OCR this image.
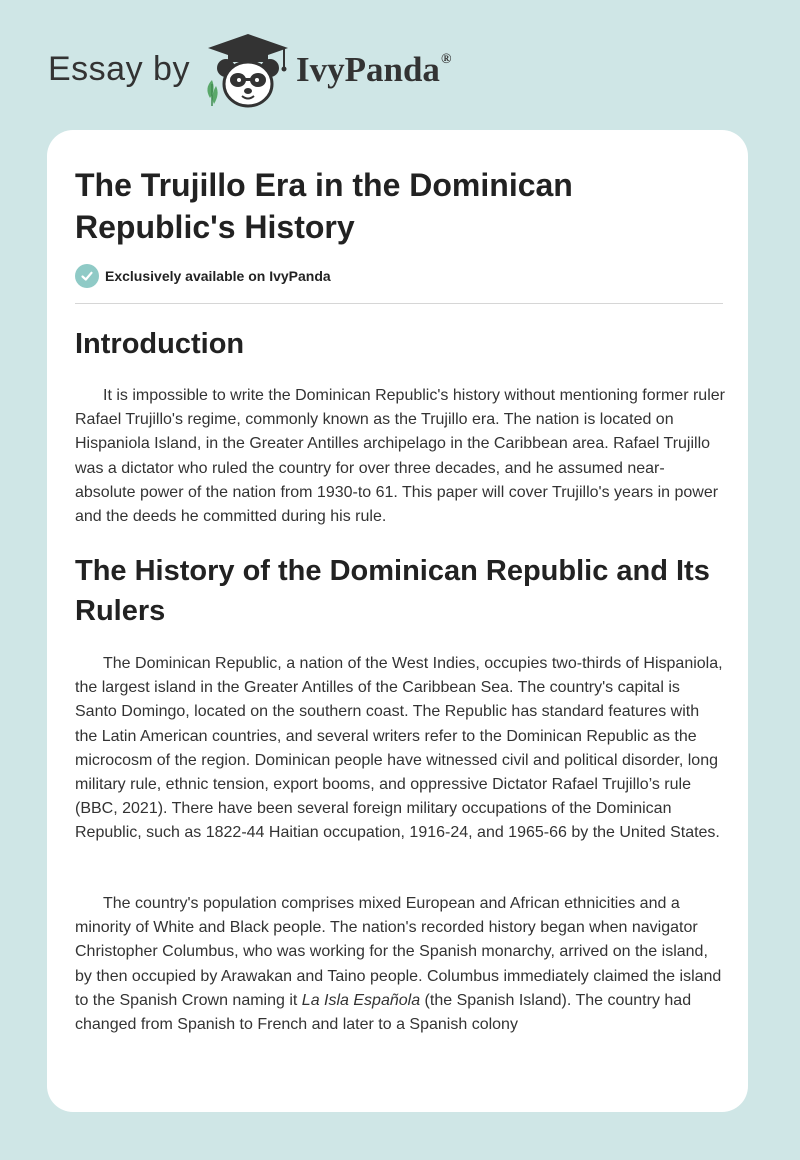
Essay by	IvyPanda®
The Trujillo Era in the Dominican Republic's History
Exclusively available on IvyPanda
Introduction

It is impossible to write the Dominican Republic's history without mentioning former ruler Rafael Trujillo's regime, commonly known as the Trujillo era. The nation is located on Hispaniola Island, in the Greater Antilles archipelago in the Caribbean area. Rafael Trujillo was a dictator who ruled the country for over three decades, and he assumed near-absolute power of the nation from 1930-to 61. This paper will cover Trujillo's years in power and the deeds he committed during his rule.

The History of the Dominican Republic and Its Rulers

The Dominican Republic, a nation of the West Indies, occupies two-thirds of Hispaniola, the largest island in the Greater Antilles of the Caribbean Sea. The country's capital is Santo Domingo, located on the southern coast. The Republic has standard features with the Latin American countries, and several writers refer to the Dominican Republic as the microcosm of the region. Dominican people have witnessed civil and political disorder, long military rule, ethnic tension, export booms, and oppressive Dictator Rafael Trujillo’s rule (BBC, 2021). There have been several foreign military occupations of the Dominican Republic, such as 1822-44 Haitian occupation, 1916-24, and 1965-66 by the United States.

The country's population comprises mixed European and African ethnicities and a minority of White and Black people. The nation's recorded history began when navigator Christopher Columbus, who was working for the Spanish monarchy, arrived on the island, by then occupied by Arawakan and Taino people. Columbus immediately claimed the island to the Spanish Crown naming it La Isla Española (the Spanish Island). The country had changed from Spanish to French and later to a Spanish colony
